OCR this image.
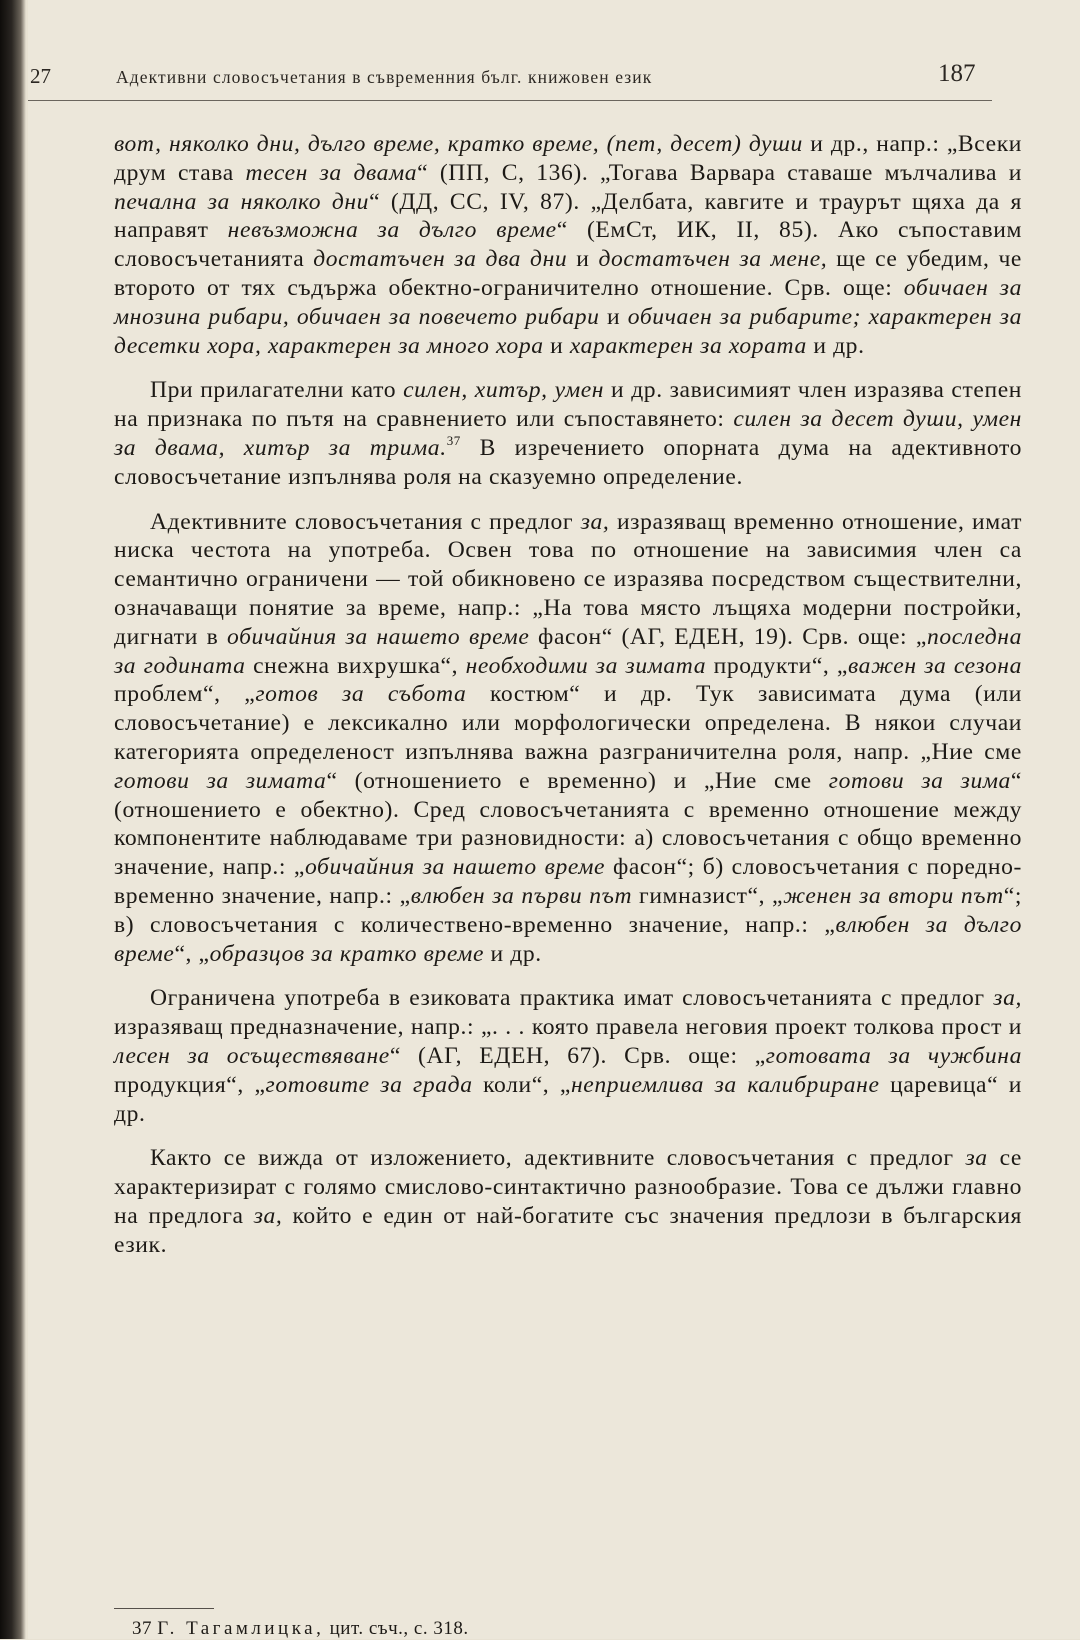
27	Адективни словосъчетания в съвременния бълг. книжовен език	187

вот, няколко дни, дълго време, кратко време, (пет, десет) души и др., напр.: „Всеки друм става тесен за двама“ (ПП, С, 136). „Тогава Варвара ставаше мълчалива и печална за няколко дни“ (ДД, СС, IV, 87). „Делбата, кавгите и траурът щяха да я направят невъзможна за дълго време“ (ЕмСт, ИК, II, 85). Ако съпоставим словосъчетанията достатъчен за два дни и достатъчен за мене, ще се убедим, че второто от тях съдържа обектно-ограничително отношение. Срв. още: обичаен за мнозина рибари, обичаен за повечето рибари и обичаен за рибарите; характерен за десетки хора, характерен за много хора и характерен за хората и др.

При прилагателни като силен, хитър, умен и др. зависимият член изразява степен на признака по пътя на сравнението или съпоставянето: силен за десет души, умен за двама, хитър за трима.$^{37}$ В изречението опорната дума на адективното словосъчетание изпълнява роля на сказуемно определение.

Адективните словосъчетания с предлог за, изразяващ временно отношение, имат ниска честота на употреба. Освен това по отношение на зависимия член са семантично ограничени — той обикновено се изразява посредством съществителни, означаващи понятие за време, напр.: „На това място лъщяха модерни постройки, дигнати в обичайния за нашето време фасон“ (АГ, ЕДЕН, 19). Срв. още: „последна за годината снежна вихрушка“, необходими за зимата продукти“, „важен за сезона проблем“, „готов за събота костюм“ и др. Тук зависимата дума (или словосъчетание) е лексикално или морфологически определена. В някои случаи категорията определеност изпълнява важна разграничителна роля, напр. „Ние сме готови за зимата“ (отношението е временно) и „Ние сме готови за зима“ (отношението е обектно). Сред словосъчетанията с временно отношение между компонентите наблюдаваме три разновидности: а) словосъчетания с общо временно значение, напр.: „обичайния за нашето време фасон“; б) словосъчетания с поредно-временно значение, напр.: „влюбен за първи път гимназист“, „женен за втори път“; в) словосъчетания с количествено-временно значение, напр.: „влюбен за дълго време“, „образцов за кратко време и др.

Ограничена употреба в езиковата практика имат словосъчетанията с предлог за, изразяващ предназначение, напр.: „. . . която правела неговия проект толкова прост и лесен за осъществяване“ (АГ, ЕДЕН, 67). Срв. още: „готовата за чужбина продукция“, „готовите за града коли“, „неприемлива за калибриране царевица“ и др.

Както се вижда от изложението, адективните словосъчетания с предлог за се характеризират с голямо смислово-синтактично разнообразие. Това се дължи главно на предлога за, който е един от най-богатите със значения предлози в българския език.

37 Г. Тагамлицка, цит. съч., с. 318.
